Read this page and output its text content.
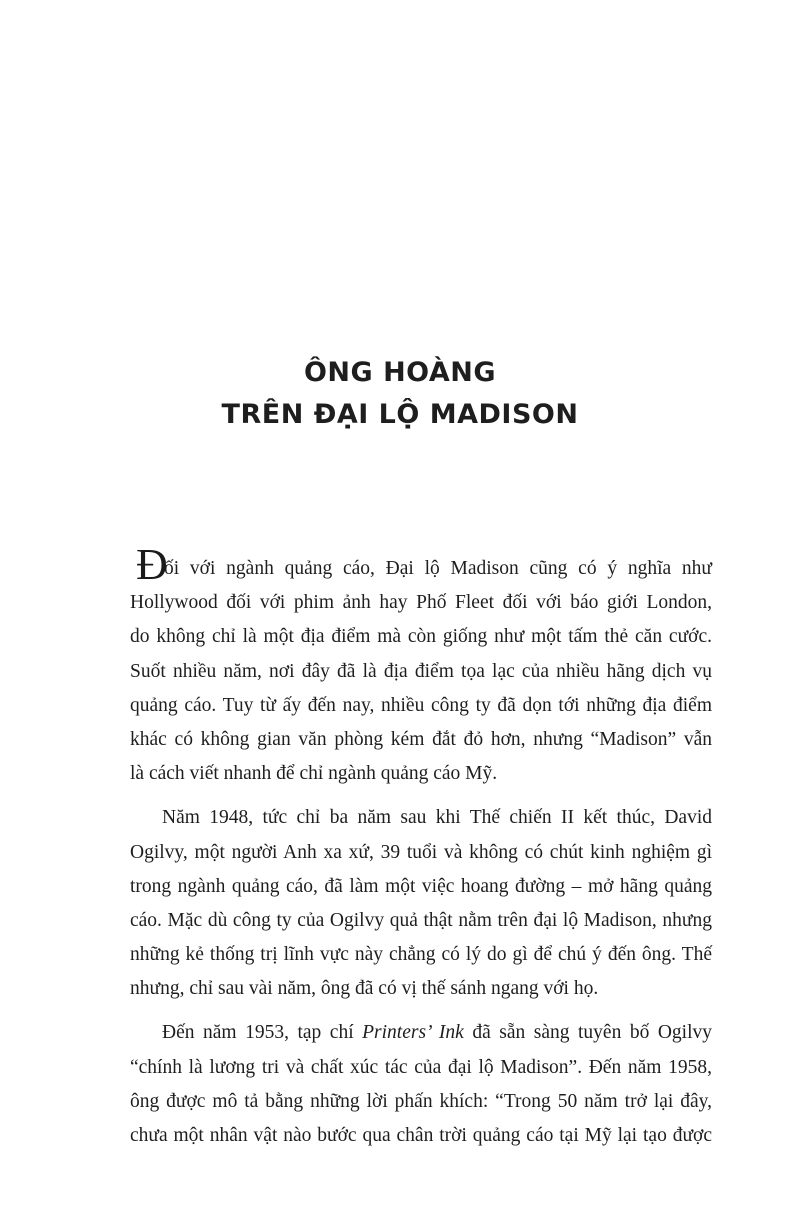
ÔNG HOÀNG
TRÊN ĐẠI LỘ MADISON
Đ
ối với ngành quảng cáo, Đại lộ Madison cũng có ý nghĩa như
Hollywood đối với phim ảnh hay Phố Fleet đối với báo giới London,
do không chỉ là một địa điểm mà còn giống như một tấm thẻ căn cước.
Suốt nhiều năm, nơi đây đã là địa điểm tọa lạc của nhiều hãng dịch vụ
quảng cáo. Tuy từ ấy đến nay, nhiều công ty đã dọn tới những địa điểm
khác có không gian văn phòng kém đắt đỏ hơn, nhưng “Madison” vẫn
là cách viết nhanh để chỉ ngành quảng cáo Mỹ.
Năm 1948, tức chỉ ba năm sau khi Thế chiến II kết thúc, David
Ogilvy, một người Anh xa xứ, 39 tuổi và không có chút kinh nghiệm gì
trong ngành quảng cáo, đã làm một việc hoang đường – mở hãng quảng
cáo. Mặc dù công ty của Ogilvy quả thật nằm trên đại lộ Madison, nhưng
những kẻ thống trị lĩnh vực này chẳng có lý do gì để chú ý đến ông. Thế
nhưng, chỉ sau vài năm, ông đã có vị thế sánh ngang với họ.
Đến năm 1953, tạp chí Printers’ Ink đã sẵn sàng tuyên bố Ogilvy
“chính là lương tri và chất xúc tác của đại lộ Madison”. Đến năm 1958,
ông được mô tả bằng những lời phấn khích: “Trong 50 năm trở lại đây,
chưa một nhân vật nào bước qua chân trời quảng cáo tại Mỹ lại tạo được
